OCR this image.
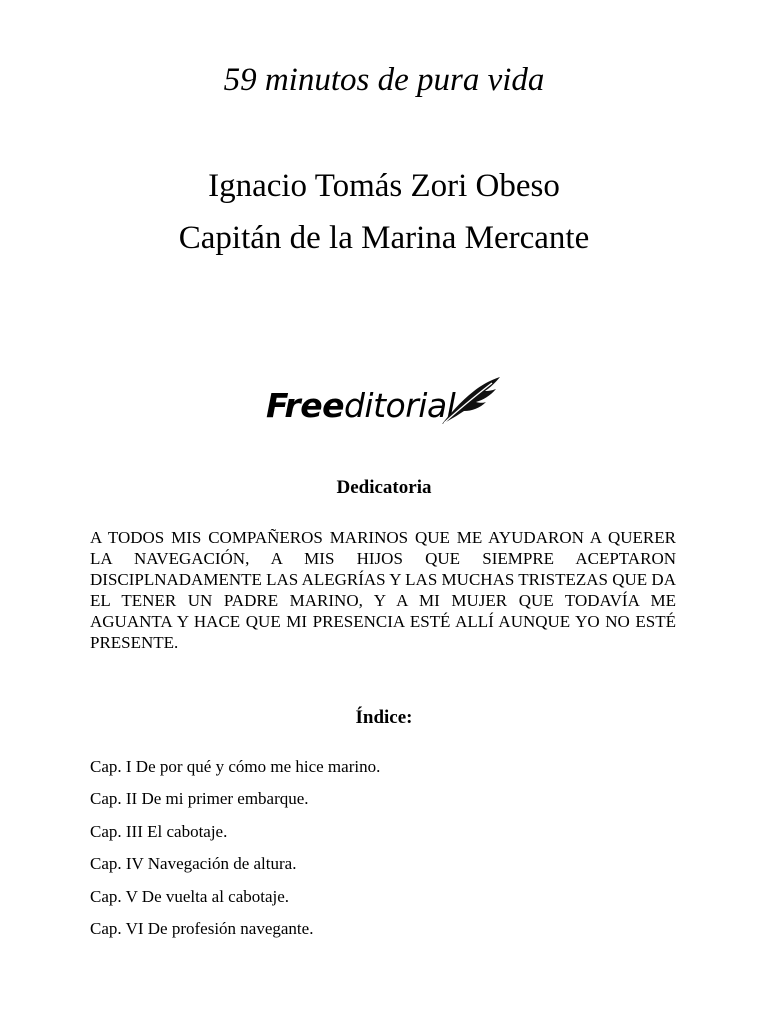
59 minutos de pura vida
Ignacio Tomás Zori Obeso
Capitán de la Marina Mercante
Freeditorial
Dedicatoria

A TODOS MIS COMPAÑEROS MARINOS QUE ME AYUDARON A QUERER LA NAVEGACIÓN, A MIS HIJOS QUE SIEMPRE ACEPTARON DISCIPLNADAMENTE LAS ALEGRÍAS Y LAS MUCHAS TRISTEZAS QUE DA EL TENER UN PADRE MARINO, Y A MI MUJER QUE TODAVÍA ME AGUANTA Y HACE QUE MI PRESENCIA ESTÉ ALLÍ AUNQUE YO NO ESTÉ PRESENTE.

Índice:
Cap. I De por qué y cómo me hice marino.
Cap. II De mi primer embarque.
Cap. III El cabotaje.
Cap. IV Navegación de altura.
Cap. V De vuelta al cabotaje.
Cap. VI De profesión navegante.
